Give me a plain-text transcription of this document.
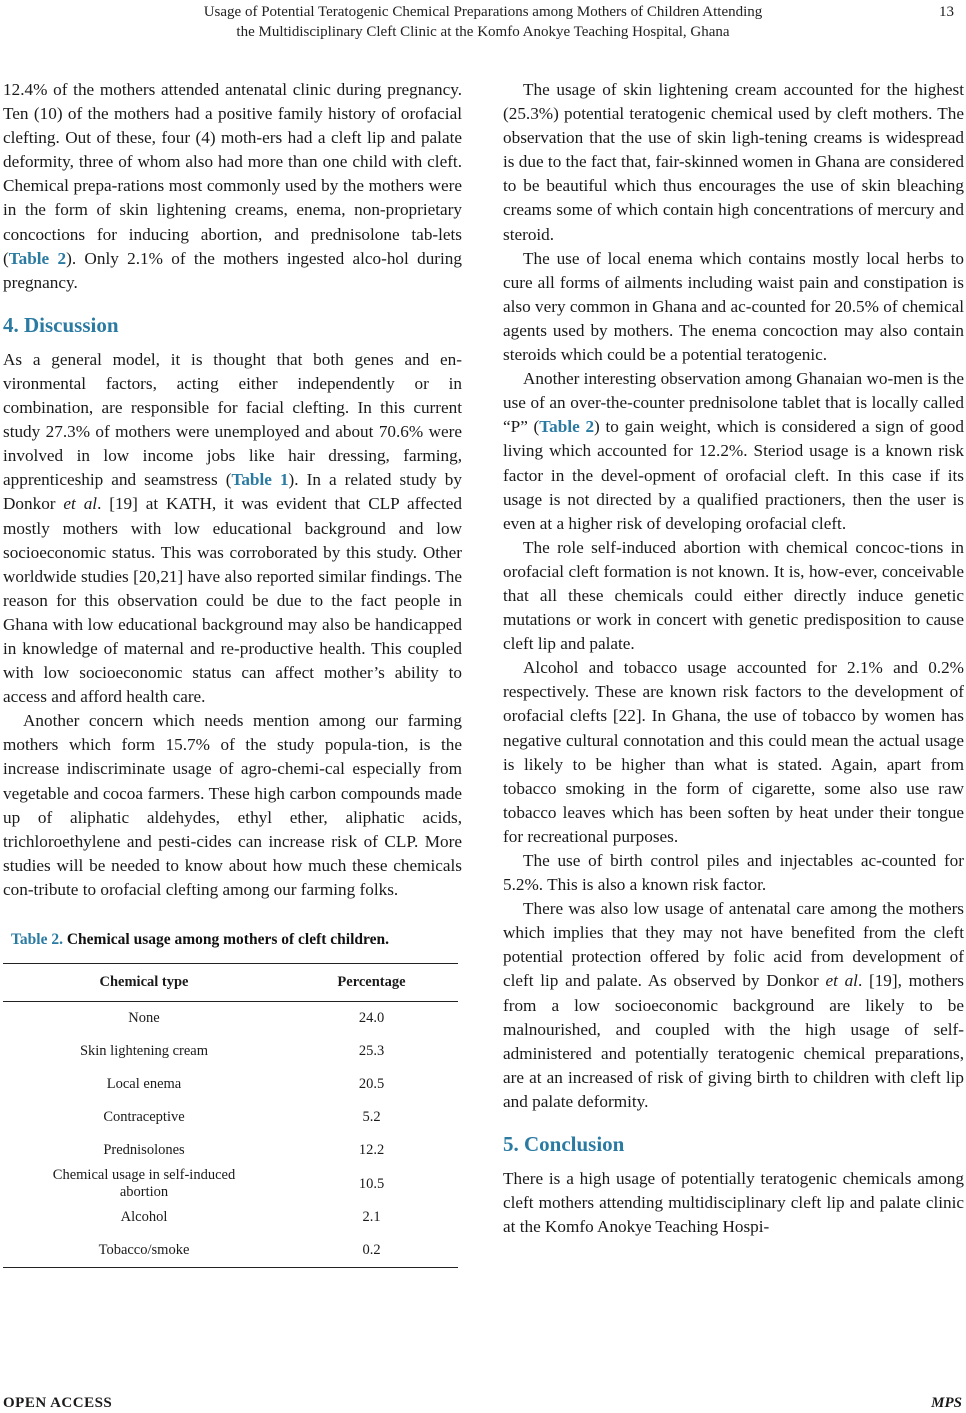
Usage of Potential Teratogenic Chemical Preparations among Mothers of Children Attending
the Multidisciplinary Cleft Clinic at the Komfo Anokye Teaching Hospital, Ghana
13

12.4% of the mothers attended antenatal clinic during pregnancy. Ten (10) of the mothers had a positive family history of orofacial clefting. Out of these, four (4) moth-ers had a cleft lip and palate deformity, three of whom also had more than one child with cleft. Chemical prepa-rations most commonly used by the mothers were in the form of skin lightening creams, enema, non-proprietary concoctions for inducing abortion, and prednisolone tab-lets (Table 2). Only 2.1% of the mothers ingested alco-hol during pregnancy.

4. Discussion

As a general model, it is thought that both genes and en-vironmental factors, acting either independently or in combination, are responsible for facial clefting. In this current study 27.3% of mothers were unemployed and about 70.6% were involved in low income jobs like hair dressing, farming, apprenticeship and seamstress (Table 1). In a related study by Donkor et al. [19] at KATH, it was evident that CLP affected mostly mothers with low educational background and low socioeconomic status. This was corroborated by this study. Other worldwide studies [20,21] have also reported similar findings. The reason for this observation could be due to the fact people in Ghana with low educational background may also be handicapped in knowledge of maternal and re-productive health. This coupled with low socioeconomic status can affect mother’s ability to access and afford health care.

Another concern which needs mention among our farming mothers which form 15.7% of the study popula-tion, is the increase indiscriminate usage of agro-chemi-cal especially from vegetable and cocoa farmers. These high carbon compounds made up of aliphatic aldehydes, ethyl ether, aliphatic acids, trichloroethylene and pesti-cides can increase risk of CLP. More studies will be needed to know about how much these chemicals con-tribute to orofacial clefting among our farming folks.

Table 2. Chemical usage among mothers of cleft children.
Chemical type	Percentage
None	24.0
Skin lightening cream	25.3
Local enema	20.5
Contraceptive	5.2
Prednisolones	12.2
Chemical usage in self-induced abortion	10.5
Alcohol	2.1
Tobacco/smoke	0.2

The usage of skin lightening cream accounted for the highest (25.3%) potential teratogenic chemical used by cleft mothers. The observation that the use of skin ligh-tening creams is widespread is due to the fact that, fair-skinned women in Ghana are considered to be beautiful which thus encourages the use of skin bleaching creams some of which contain high concentrations of mercury and steroid.

The use of local enema which contains mostly local herbs to cure all forms of ailments including waist pain and constipation is also very common in Ghana and ac-counted for 20.5% of chemical agents used by mothers. The enema concoction may also contain steroids which could be a potential teratogenic.

Another interesting observation among Ghanaian wo-men is the use of an over-the-counter prednisolone tablet that is locally called “P” (Table 2) to gain weight, which is considered a sign of good living which accounted for 12.2%. Steriod usage is a known risk factor in the devel-opment of orofacial cleft. In this case if its usage is not directed by a qualified practioners, then the user is even at a higher risk of developing orofacial cleft.

The role self-induced abortion with chemical concoc-tions in orofacial cleft formation is not known. It is, how-ever, conceivable that all these chemicals could either directly induce genetic mutations or work in concert with genetic predisposition to cause cleft lip and palate.

Alcohol and tobacco usage accounted for 2.1% and 0.2% respectively. These are known risk factors to the development of orofacial clefts [22]. In Ghana, the use of tobacco by women has negative cultural connotation and this could mean the actual usage is likely to be higher than what is stated. Again, apart from tobacco smoking in the form of cigarette, some also use raw tobacco leaves which has been soften by heat under their tongue for recreational purposes.

The use of birth control piles and injectables ac-counted for 5.2%. This is also a known risk factor.

There was also low usage of antenatal care among the mothers which implies that they may not have benefited from the cleft potential protection offered by folic acid from development of cleft lip and palate. As observed by Donkor et al. [19], mothers from a low socioeconomic background are likely to be malnourished, and coupled with the high usage of self-administered and potentially teratogenic chemical preparations, are at an increased of risk of giving birth to children with cleft lip and palate deformity.

5. Conclusion

There is a high usage of potentially teratogenic chemicals among cleft mothers attending multidisciplinary cleft lip and palate clinic at the Komfo Anokye Teaching Hospi-

OPEN ACCESS	MPS
